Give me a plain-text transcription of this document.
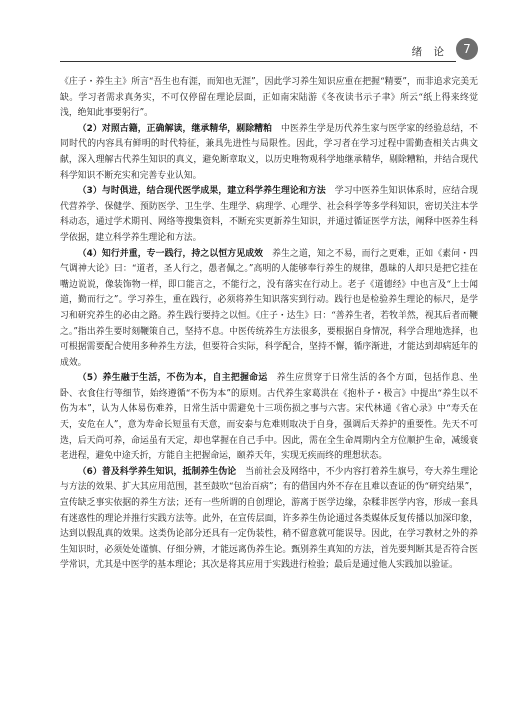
绪 论	7

《庄子・养生主》所言“吾生也有涯，而知也无涯”，因此学习养生知识应重在把握“精要”，而非追求完美无缺。学习者需求真务实，不可仅停留在理论层面，正如南宋陆游《冬夜读书示子聿》所云“纸上得来终觉浅，绝知此事要躬行”。

（2）对照古籍，正确解读，继承精华，剔除糟粕　 中医养生学是历代养生家与医学家的经验总结，不同时代的内容具有鲜明的时代特征，兼具先进性与局限性。因此，学习者在学习过程中需勤查相关古典文献，深入理解古代养生知识的真义，避免断章取义，以历史唯物观科学地继承精华，剔除糟粕，并结合现代科学知识不断充实和完善专业认知。

（3）与时俱进，结合现代医学成果，建立科学养生理论和方法　 学习中医养生知识体系时，应结合现代营养学、保健学、预防医学、卫生学、生理学、病理学、心理学、社会科学等多学科知识，密切关注本学科动态，通过学术期刊、网络等搜集资料，不断充实更新养生知识，并通过循证医学方法，阐释中医养生科学依据，建立科学养生理论和方法。

（4）知行并重，专一践行，持之以恒方见成效　 养生之道，知之不易，而行之更难，正如《素问・四气调神大论》曰：“道者，圣人行之，愚者佩之。”高明的人能够奉行养生的规律，愚昧的人却只是把它挂在嘴边说说，像装饰物一样，即口能言之，不能行之，没有落实在行动上。老子《道德经》中也言及“上士闻道，勤而行之”。学习养生，重在践行，必须将养生知识落实到行动。践行也是检验养生理论的标尺，是学习和研究养生的必由之路。养生践行要持之以恒。《庄子・达生》曰：“善养生者，若牧羊然，视其后者而鞭之。”指出养生要时刻鞭策自己，坚持不息。中医传统养生方法很多，要根据自身情况，科学合理地选择，也可根据需要配合使用多种养生方法，但要符合实际，科学配合，坚持不懈，循序渐进，才能达到却病延年的成效。

（5）养生融于生活，不伤为本，自主把握命运　 养生应贯穿于日常生活的各个方面，包括作息、坐卧、衣食住行等细节，始终遵循“不伤为本”的原则。古代养生家葛洪在《抱朴子・极言》中提出“养生以不伤为本”，认为人体易伤难养，日常生活中需避免十三项伤损之事与六害。宋代林通《省心录》中“寿夭在天，安危在人”，意为寿命长短虽有天意，而安泰与危难则取决于自身，强调后天养护的重要性。先天不可选，后天尚可养，命运虽有天定，却也掌握在自己手中。因此，需在全生命周期内全方位顺护生命，减缓衰老进程，避免中途夭折，方能自主把握命运，颐养天年，实现无疾而终的理想状态。

（6）普及科学养生知识，抵制养生伪论　 当前社会及网络中，不少内容打着养生旗号，夸大养生理论与方法的效果、扩大其应用范围，甚至鼓吹“包治百病”；有的借国内外不存在且难以查证的伪“研究结果”，宣传缺乏事实依据的养生方法；还有一些所谓的自创理论，游离于医学边缘，杂糅非医学内容，形成一套具有迷惑性的理论并推行实践方法等。此外，在宣传层面，许多养生伪论通过各类媒体反复传播以加深印象，达到以假乱真的效果。这类伪论部分还具有一定伪装性，稍不留意就可能误导。因此，在学习教材之外的养生知识时，必须处处谨慎、仔细分辨，才能远离伪养生论。甄别养生真知的方法，首先要判断其是否符合医学常识，尤其是中医学的基本理论；其次是将其应用于实践进行检验；最后是通过他人实践加以验证。
